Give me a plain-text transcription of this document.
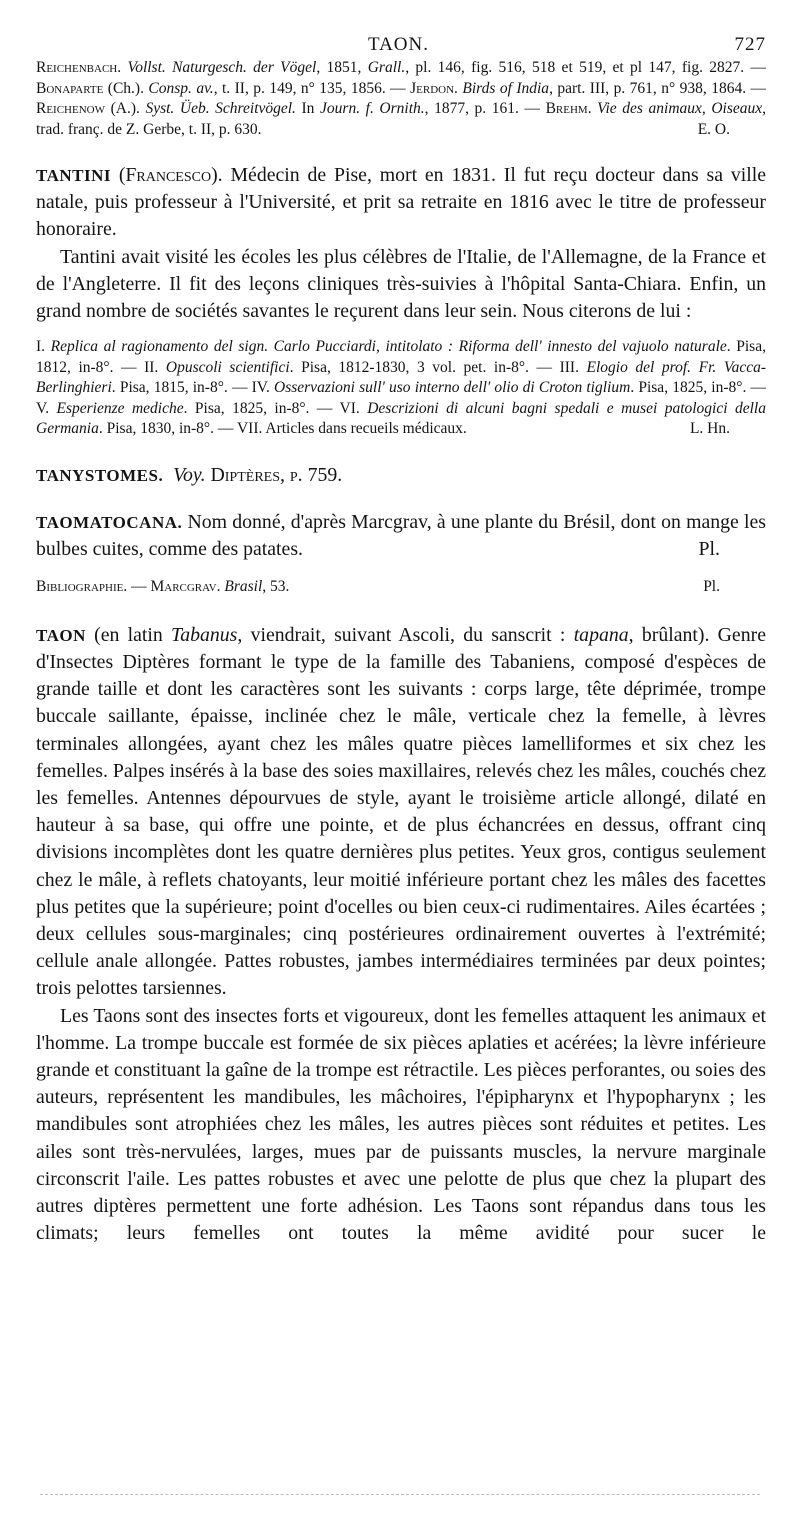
TAON.	727

Reichenbach. Vollst. Naturgesch. der Vögel, 1851, Grall., pl. 146, fig. 516, 518 et 519, et pl 147, fig. 2827. — Bonaparte (Ch.). Consp. av., t. II, p. 149, n° 135, 1856. — Jerdon. Birds of India, part. III, p. 761, n° 938, 1864. — Reichenow (A.). Syst. Üeb. Schreitvögel. In Journ. f. Ornith., 1877, p. 161. — Brehm. Vie des animaux, Oiseaux, trad. franç. de Z. Gerbe, t. II, p. 630.	E. O.

TANTINI (Francesco). Médecin de Pise, mort en 1831. Il fut reçu docteur dans sa ville natale, puis professeur à l'Université, et prit sa retraite en 1816 avec le titre de professeur honoraire.

Tantini avait visité les écoles les plus célèbres de l'Italie, de l'Allemagne, de la France et de l'Angleterre. Il fit des leçons cliniques très-suivies à l'hôpital Santa-Chiara. Enfin, un grand nombre de sociétés savantes le reçurent dans leur sein. Nous citerons de lui :

I. Replica al ragionamento del sign. Carlo Pucciardi, intitolato : Riforma dell' innesto del vajuolo naturale. Pisa, 1812, in-8°. — II. Opuscoli scientifici. Pisa, 1812-1830, 3 vol. pet. in-8°. — III. Elogio del prof. Fr. Vacca-Berlinghieri. Pisa, 1815, in-8°. — IV. Osservazioni sull' uso interno dell' olio di Croton tiglium. Pisa, 1825, in-8°. — V. Esperienze mediche. Pisa, 1825, in-8°. — VI. Descrizioni di alcuni bagni spedali e musei patologici della Germania. Pisa, 1830, in-8°. — VII. Articles dans recueils médicaux.	L. Hn.

TANYSTOMES. Voy. Diptères, p. 759.

TAOMATOCANA. Nom donné, d'après Marcgrav, à une plante du Brésil, dont on mange les bulbes cuites, comme des patates.	Pl.

Bibliographie. — Marcgrav. Brasil, 53.	Pl.

TAON (en latin Tabanus, viendrait, suivant Ascoli, du sanscrit : tapana, brûlant). Genre d'Insectes Diptères formant le type de la famille des Tabaniens, composé d'espèces de grande taille et dont les caractères sont les suivants : corps large, tête déprimée, trompe buccale saillante, épaisse, inclinée chez le mâle, verticale chez la femelle, à lèvres terminales allongées, ayant chez les mâles quatre pièces lamelliformes et six chez les femelles. Palpes insérés à la base des soies maxillaires, relevés chez les mâles, couchés chez les femelles. Antennes dépourvues de style, ayant le troisième article allongé, dilaté en hauteur à sa base, qui offre une pointe, et de plus échancrées en dessus, offrant cinq divisions incomplètes dont les quatre dernières plus petites. Yeux gros, contigus seulement chez le mâle, à reflets chatoyants, leur moitié inférieure portant chez les mâles des facettes plus petites que la supérieure; point d'ocelles ou bien ceux-ci rudimentaires. Ailes écartées ; deux cellules sous-marginales; cinq postérieures ordinairement ouvertes à l'extrémité; cellule anale allongée. Pattes robustes, jambes intermédiaires terminées par deux pointes; trois pelottes tarsiennes.

Les Taons sont des insectes forts et vigoureux, dont les femelles attaquent les animaux et l'homme. La trompe buccale est formée de six pièces aplaties et acérées; la lèvre inférieure grande et constituant la gaîne de la trompe est rétractile. Les pièces perforantes, ou soies des auteurs, représentent les mandibules, les mâchoires, l'épipharynx et l'hypopharynx ; les mandibules sont atrophiées chez les mâles, les autres pièces sont réduites et petites. Les ailes sont très-nervulées, larges, mues par de puissants muscles, la nervure marginale circonscrit l'aile. Les pattes robustes et avec une pelotte de plus que chez la plupart des autres diptères permettent une forte adhésion. Les Taons sont répandus dans tous les climats; leurs femelles ont toutes la même avidité pour sucer le
